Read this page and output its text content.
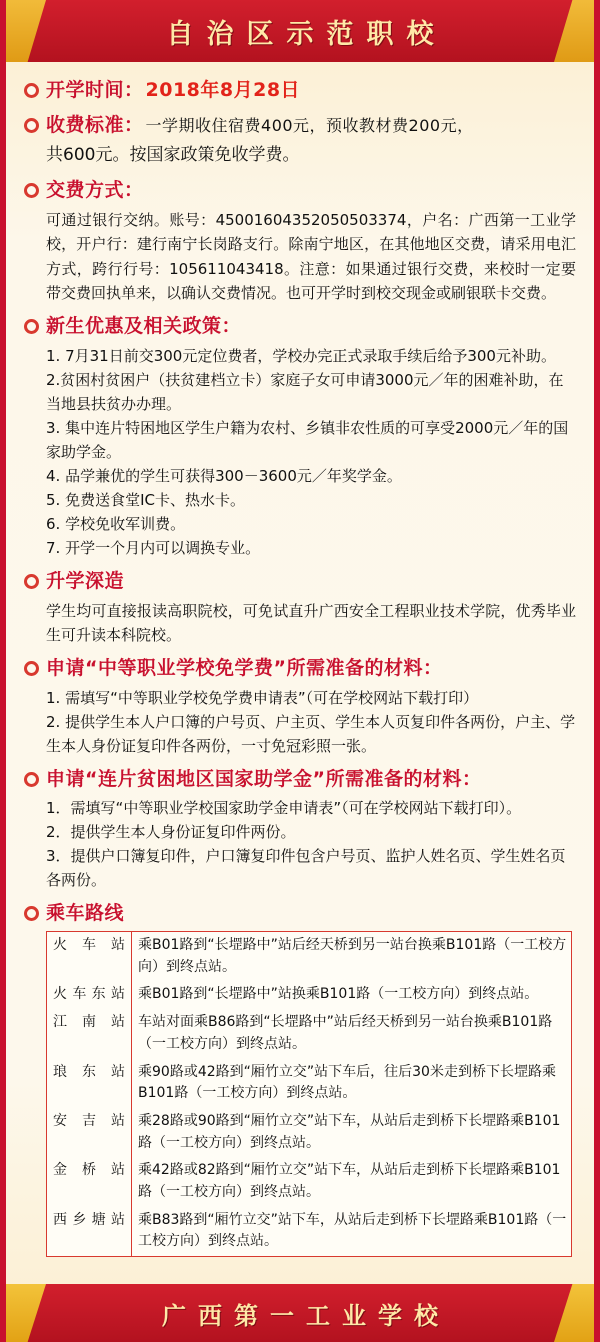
自治区示范职校
开学时间： 2018年8月28日
收费标准： 一学期收住宿费400元，预收教材费200元，
共600元。按国家政策免收学费。
交费方式：
可通过银行交纳。账号：45001604352050503374，户名：广西第一工业学校，开户行：建行南宁长岗路支行。除南宁地区，在其他地区交费，请采用电汇方式，跨行行号：105611043418。注意：如果通过银行交费，来校时一定要带交费回执单来，以确认交费情况。也可开学时到校交现金或刷银联卡交费。
新生优惠及相关政策：
1. 7月31日前交300元定位费者，学校办完正式录取手续后给予300元补助。
2.贫困村贫困户（扶贫建档立卡）家庭子女可申请3000元／年的困难补助，在当地县扶贫办办理。
3. 集中连片特困地区学生户籍为农村、乡镇非农性质的可享受2000元／年的国家助学金。
4. 品学兼优的学生可获得300－3600元／年奖学金。
5. 免费送食堂IC卡、热水卡。
6. 学校免收军训费。
7. 开学一个月内可以调换专业。
升学深造
学生均可直接报读高职院校，可免试直升广西安全工程职业技术学院，优秀毕业生可升读本科院校。
申请“中等职业学校免学费”所需准备的材料：
1. 需填写“中等职业学校免学费申请表”（可在学校网站下载打印）
2. 提供学生本人户口簿的户号页、户主页、学生本人页复印件各两份，户主、学生本人身份证复印件各两份，一寸免冠彩照一张。
申请“连片贫困地区国家助学金”所需准备的材料：
1．需填写“中等职业学校国家助学金申请表”（可在学校网站下载打印）。
2．提供学生本人身份证复印件两份。
3．提供户口簿复印件，户口簿复印件包含户号页、监护人姓名页、学生姓名页各两份。
乘车路线
火车站	乘B01路到“长堽路中”站后经天桥到另一站台换乘B101路（一工校方向）到终点站。
火车东站	乘B01路到“长堽路中”站换乘B101路（一工校方向）到终点站。
江南站	车站对面乘B86路到“长堽路中”站后经天桥到另一站台换乘B101路（一工校方向）到终点站。
琅东站	乘90路或42路到“厢竹立交”站下车后，往后30米走到桥下长堽路乘B101路（一工校方向）到终点站。
安吉站	乘28路或90路到“厢竹立交”站下车，从站后走到桥下长堽路乘B101路（一工校方向）到终点站。
金桥站	乘42路或82路到“厢竹立交”站下车，从站后走到桥下长堽路乘B101路（一工校方向）到终点站。
西乡塘站	乘B83路到“厢竹立交”站下车，从站后走到桥下长堽路乘B101路（一工校方向）到终点站。
广西第一工业学校
